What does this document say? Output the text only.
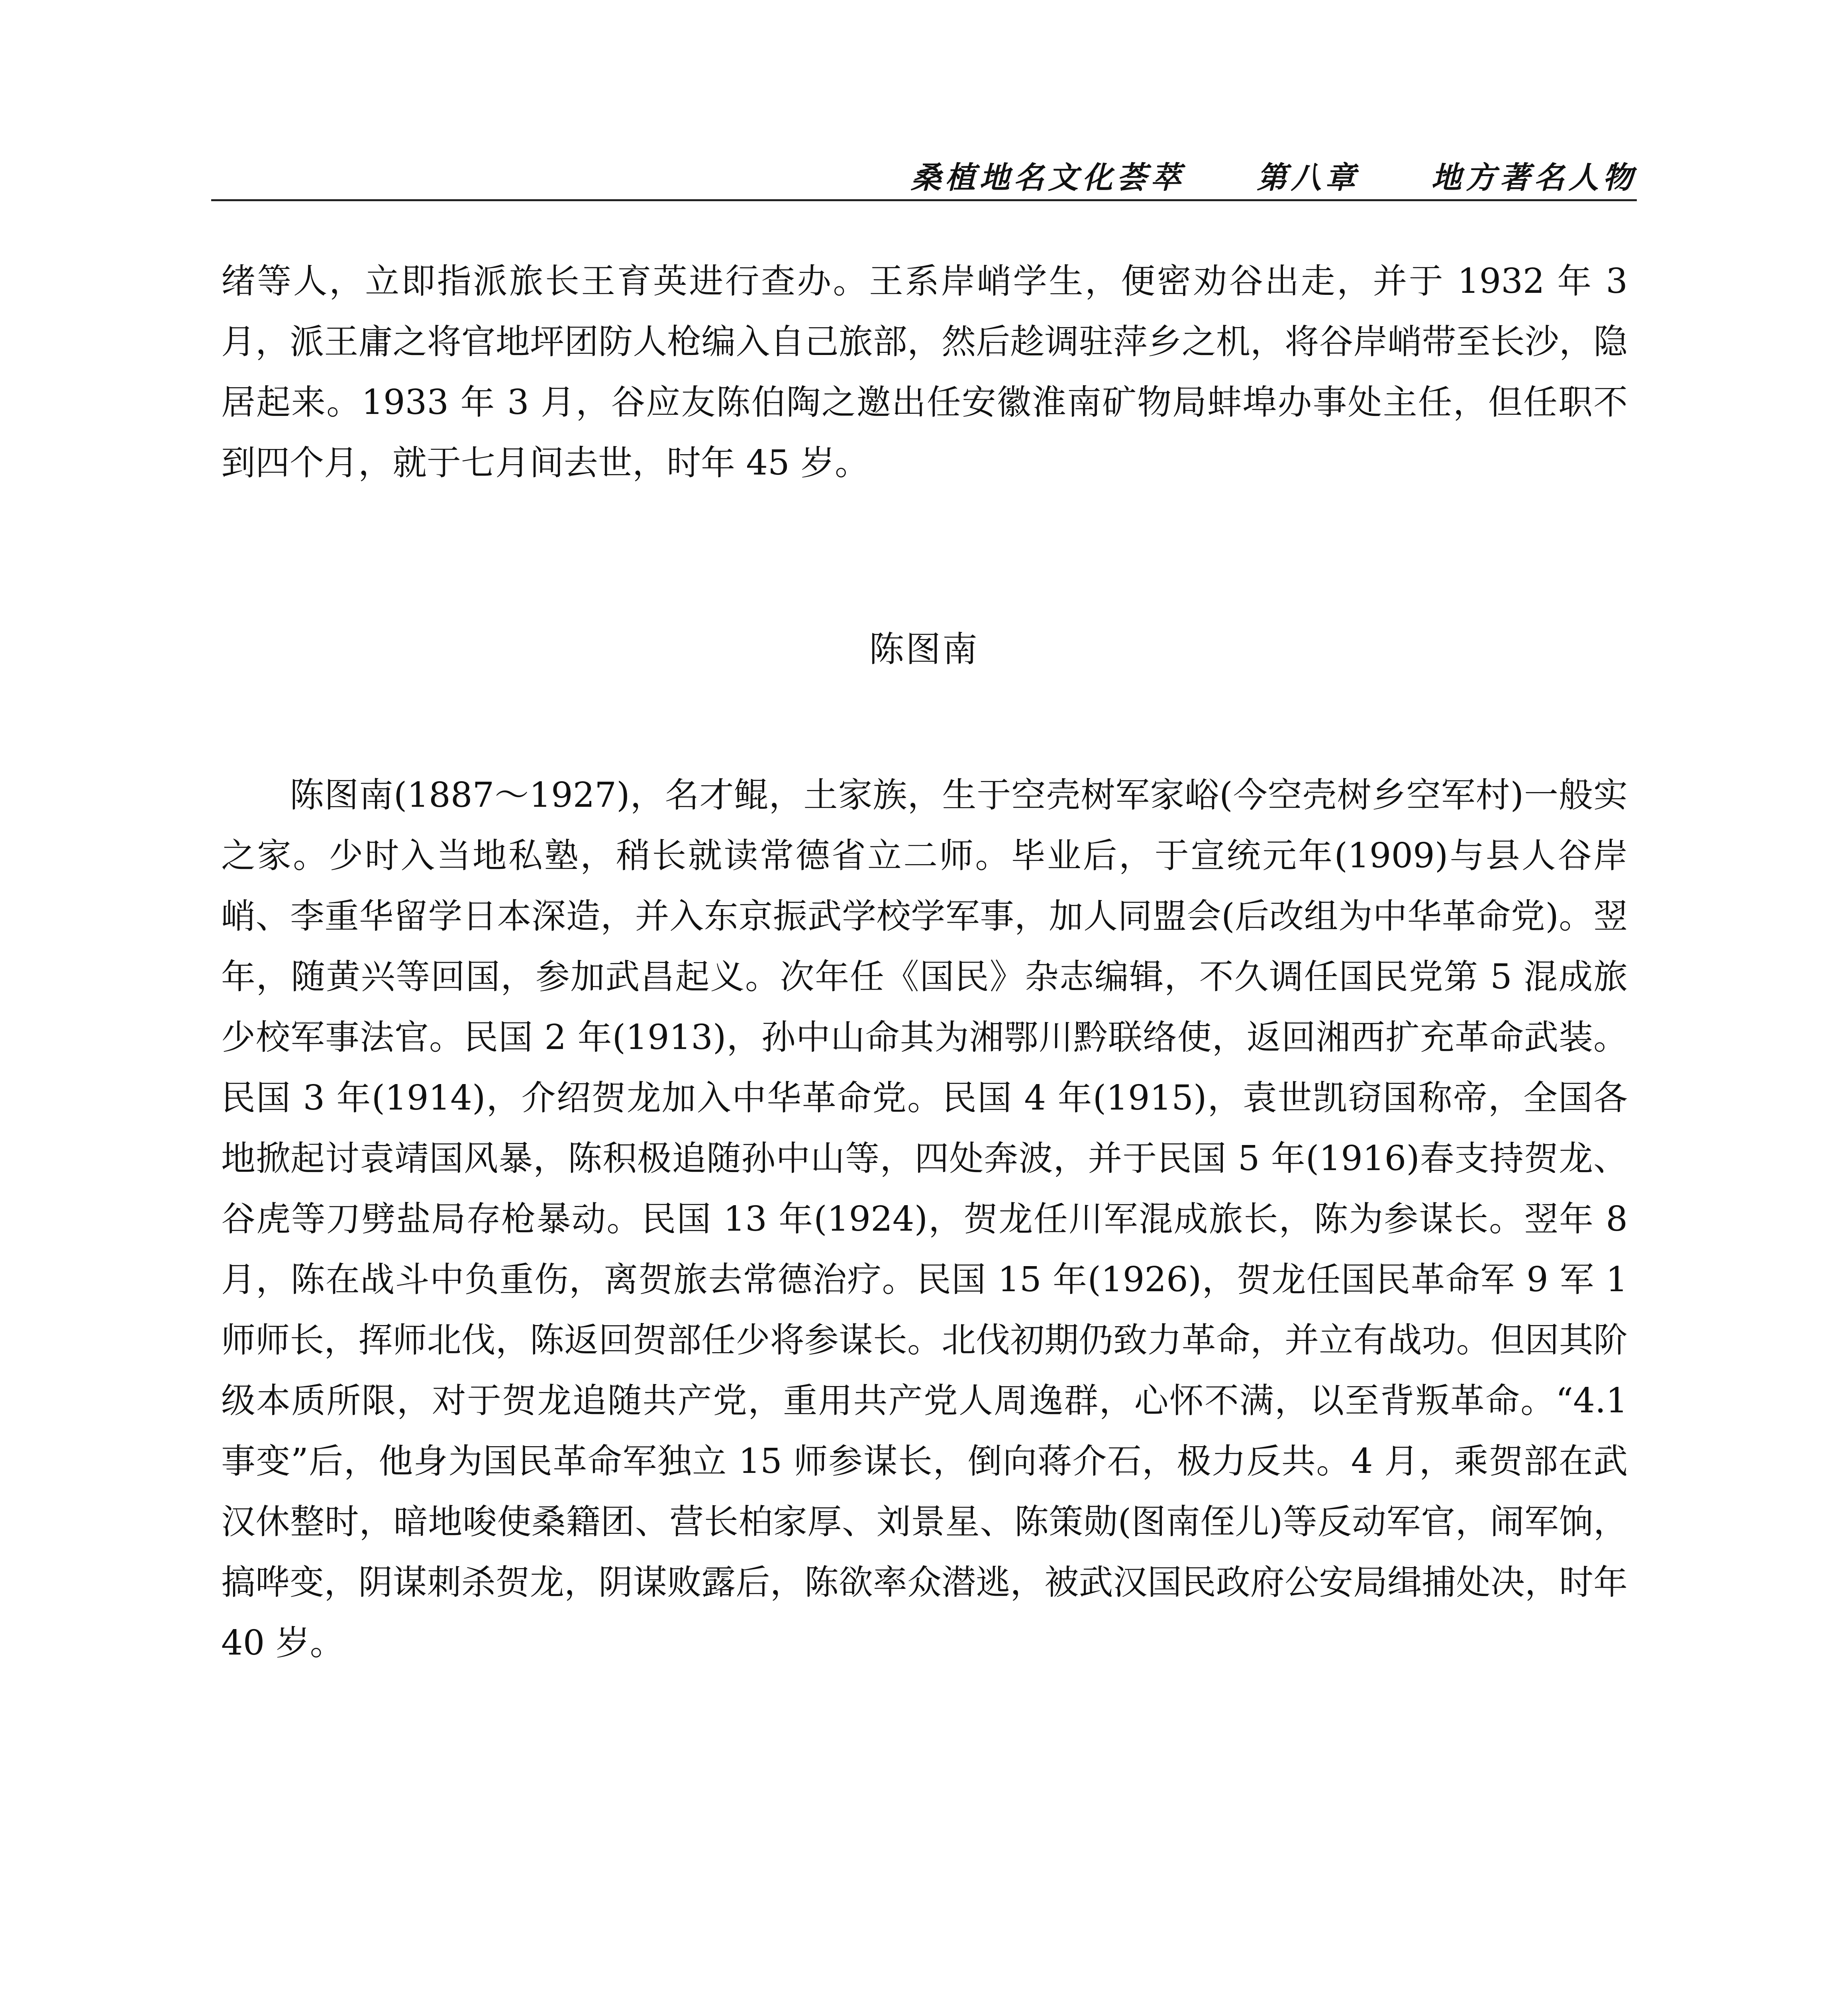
桑植地名文化荟萃 第八章 地方著名人物

绪等人，立即指派旅长王育英进行查办。王系岸峭学生，便密劝谷出走，并于 1932 年 3 月，派王庸之将官地坪团防人枪编入自己旅部，然后趁调驻萍乡之机，将谷岸峭带至长沙，隐居起来。1933 年 3 月，谷应友陈伯陶之邀出任安徽淮南矿物局蚌埠办事处主任，但任职不到四个月，就于七月间去世，时年 45 岁。

陈图南

陈图南(1887～1927)，名才鲲，土家族，生于空壳树军家峪(今空壳树乡空军村)一般实之家。少时入当地私塾，稍长就读常德省立二师。毕业后，于宣统元年(1909)与县人谷岸峭、李重华留学日本深造，并入东京振武学校学军事，加人同盟会(后改组为中华革命党)。翌年，随黄兴等回国，参加武昌起义。次年任《国民》杂志编辑，不久调任国民党第 5 混成旅少校军事法官。民国 2 年(1913)，孙中山命其为湘鄂川黔联络使，返回湘西扩充革命武装。民国 3 年(1914)，介绍贺龙加入中华革命党。民国 4 年(1915)，袁世凯窃国称帝，全国各地掀起讨袁靖国风暴，陈积极追随孙中山等，四处奔波，并于民国 5 年(1916)春支持贺龙、谷虎等刀劈盐局存枪暴动。民国 13 年(1924)，贺龙任川军混成旅长，陈为参谋长。翌年 8 月，陈在战斗中负重伤，离贺旅去常德治疗。民国 15 年(1926)，贺龙任国民革命军 9 军 1 师师长，挥师北伐，陈返回贺部任少将参谋长。北伐初期仍致力革命，并立有战功。但因其阶级本质所限，对于贺龙追随共产党，重用共产党人周逸群，心怀不满，以至背叛革命。“4.1 事变”后，他身为国民革命军独立 15 师参谋长，倒向蒋介石，极力反共。4 月，乘贺部在武汉休整时，暗地唆使桑籍团、营长柏家厚、刘景星、陈策勋(图南侄儿)等反动军官，闹军饷，搞哗变，阴谋刺杀贺龙，阴谋败露后，陈欲率众潜逃，被武汉国民政府公安局缉捕处决，时年 40 岁。
